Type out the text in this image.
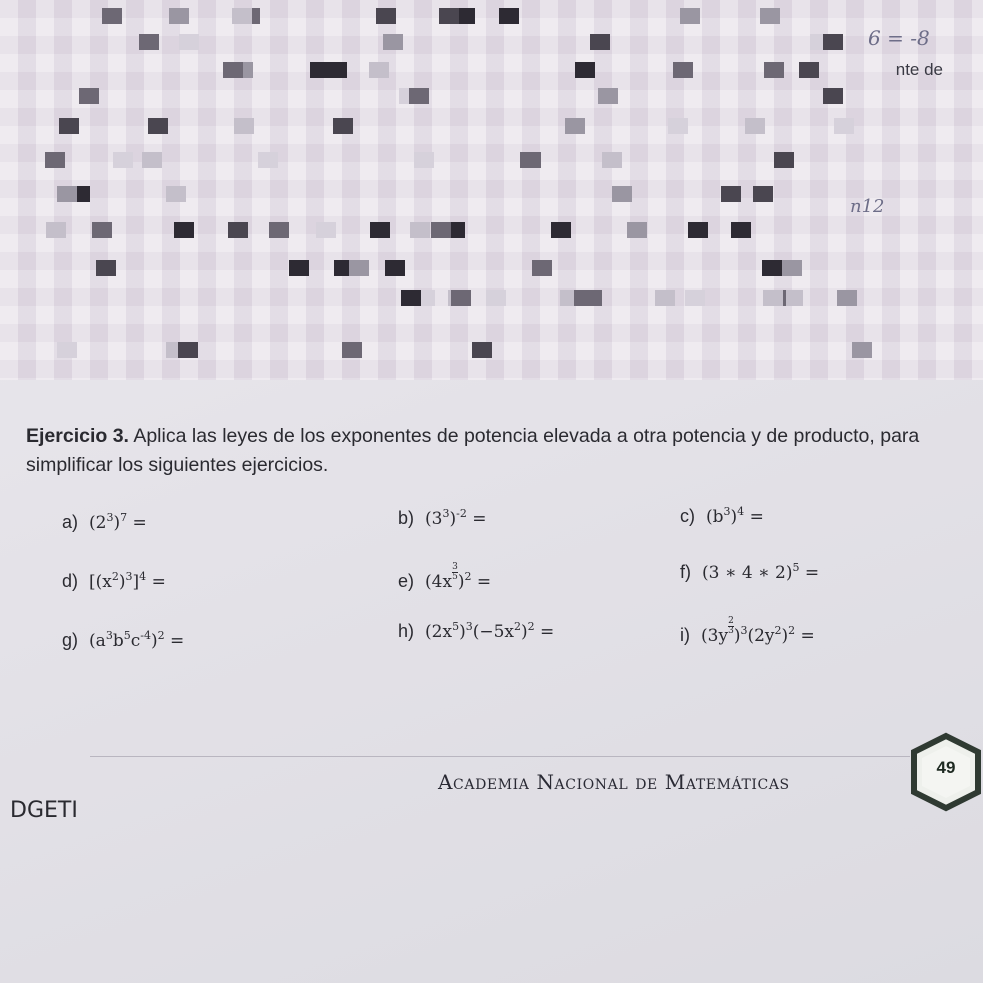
nte de
6 = -8
n12
Ejercicio 3. Aplica las leyes de los exponentes de potencia elevada a otra potencia y de producto, para simplificar los siguientes ejercicios.
a) $(2^3)^7$ =	b) $(3^3)^{-2}$ =	c) $(b^3)^4$ =
d) $[(x^2)^3]^4$ =	e) $(4x \frac{3}{5} )^2$ =	f) (3 ∗ 4 ∗ 2)$^5$ =
g) $(a^3b^5c^{-4})^2$ =	h) $(2x^5)^3(-5x^2)^2$ =	i) $(3y \frac{2}{3} )^3(2y^2)^2$ =
Academia Nacional de Matemáticas
DGETI
49
